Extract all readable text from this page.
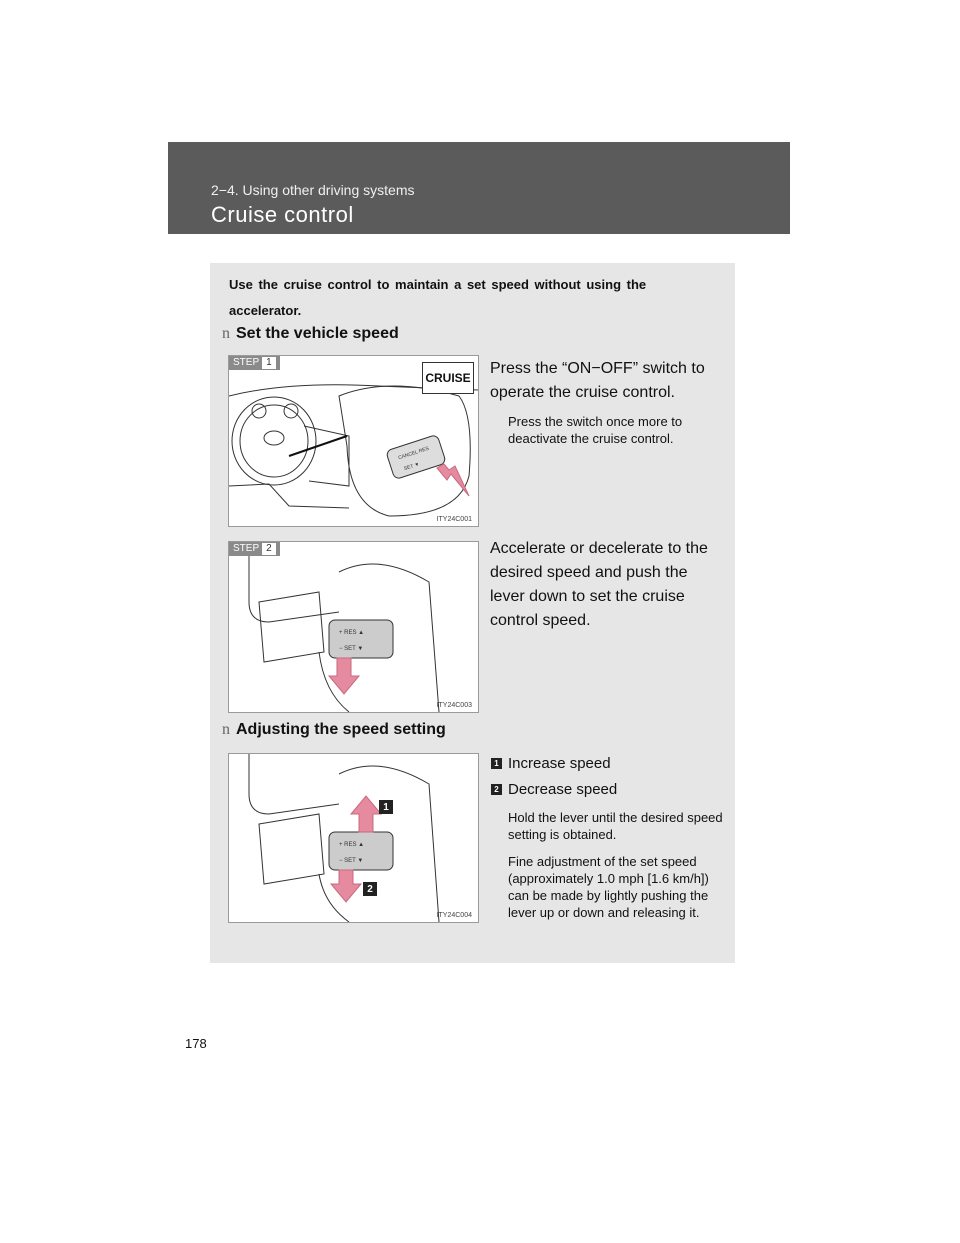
2−4. Using other driving systems
Cruise control
Use the cruise control to maintain a set speed without using the accelerator.
n Set the vehicle speed
CANCEL RES
SET ▼
STEP 1
CRUISE
ITY24C001
Press the “ON−OFF” switch to operate the cruise control.
Press the switch once more to deactivate the cruise control.
+ RES ▲
− SET ▼
STEP 2
ITY24C003
Accelerate or decelerate to the desired speed and push the lever down to set the cruise control speed.
n Adjusting the speed setting
+ RES ▲
− SET ▼
1
2
ITY24C004
1 Increase speed
2 Decrease speed
Hold the lever until the desired speed setting is obtained.
Fine adjustment of the set speed (approximately 1.0 mph [1.6 km/h]) can be made by lightly pushing the lever up or down and releasing it.
178
